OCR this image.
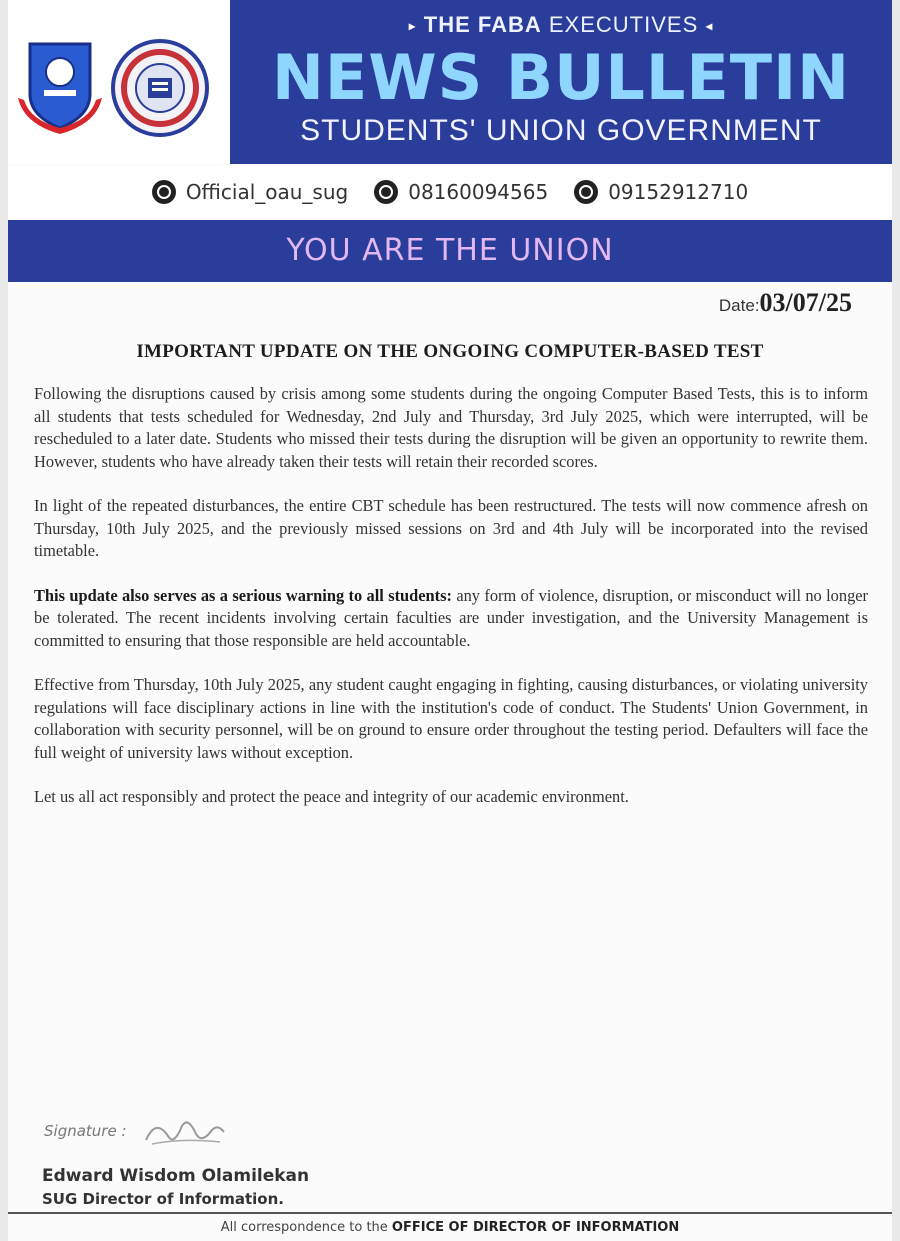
▸ THE FABA EXECUTIVES ◂
NEWS BULLETIN
STUDENTS' UNION GOVERNMENT
Official_oau_sug	08160094565	09152912710
YOU ARE THE UNION
Date:03/07/25
IMPORTANT UPDATE ON THE ONGOING COMPUTER-BASED TEST

Following the disruptions caused by crisis among some students during the ongoing Computer Based Tests, this is to inform all students that tests scheduled for Wednesday, 2nd July and Thursday, 3rd July 2025, which were interrupted, will be rescheduled to a later date. Students who missed their tests during the disruption will be given an opportunity to rewrite them. However, students who have already taken their tests will retain their recorded scores.

In light of the repeated disturbances, the entire CBT schedule has been restructured. The tests will now commence afresh on Thursday, 10th July 2025, and the previously missed sessions on 3rd and 4th July will be incorporated into the revised timetable.

This update also serves as a serious warning to all students: any form of violence, disruption, or misconduct will no longer be tolerated. The recent incidents involving certain faculties are under investigation, and the University Management is committed to ensuring that those responsible are held accountable.

Effective from Thursday, 10th July 2025, any student caught engaging in fighting, causing disturbances, or violating university regulations will face disciplinary actions in line with the institution's code of conduct. The Students' Union Government, in collaboration with security personnel, will be on ground to ensure order throughout the testing period. Defaulters will face the full weight of university laws without exception.

Let us all act responsibly and protect the peace and integrity of our academic environment.

Signature :
Edward Wisdom Olamilekan
SUG Director of Information.
All correspondence to the OFFICE OF DIRECTOR OF INFORMATION
